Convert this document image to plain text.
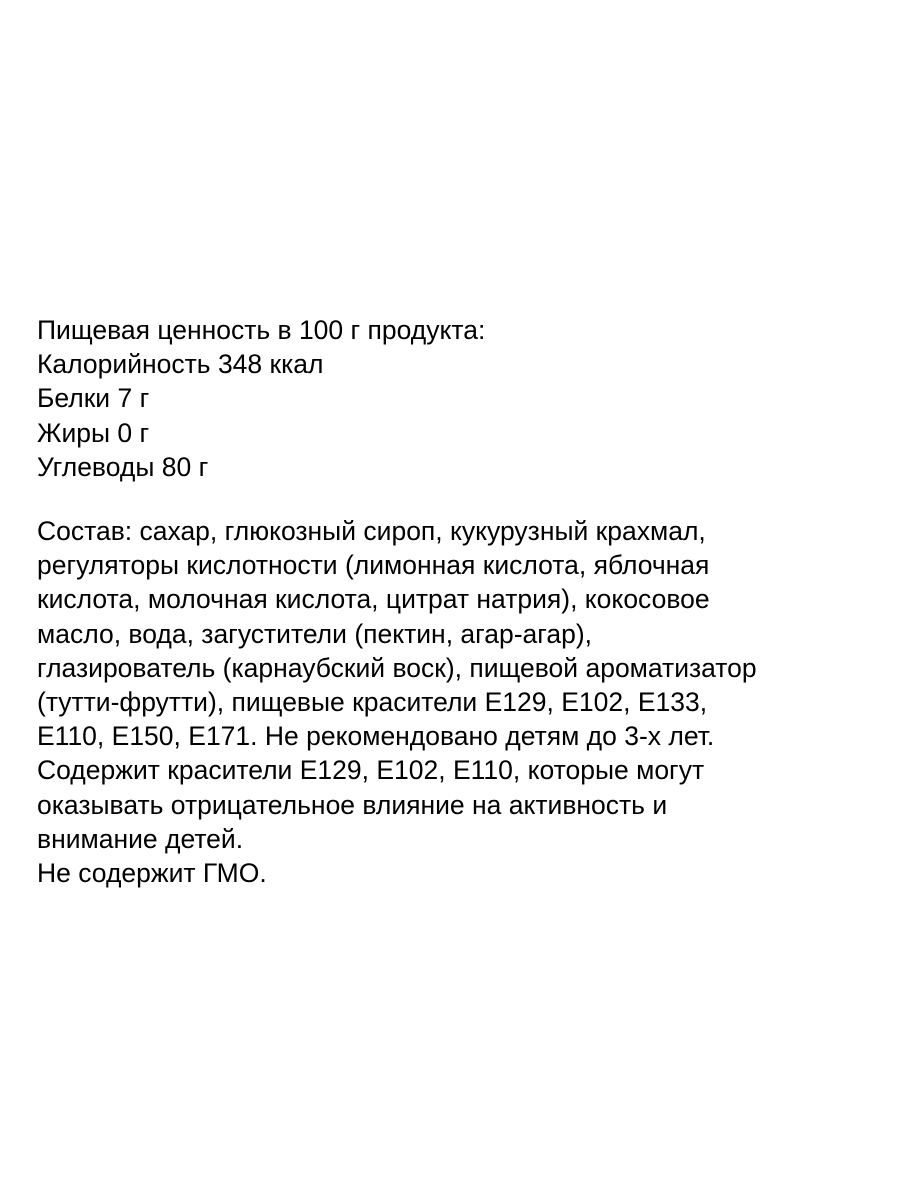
Пищевая ценность в 100 г продукта:
Калорийность 348 ккал
Белки 7 г
Жиры 0 г
Углеводы 80 г
Состав: сахар, глюкозный сироп, кукурузный крахмал,
регуляторы кислотности (лимонная кислота, яблочная
кислота, молочная кислота, цитрат натрия), кокосовое
масло, вода, загустители (пектин, агар-агар),
глазирователь (карнаубский воск), пищевой ароматизатор
(тутти-фрутти), пищевые красители E129, E102, E133,
E110, E150, E171. Не рекомендовано детям до 3-х лет.
Содержит красители E129, E102, E110, которые могут
оказывать отрицательное влияние на активность и
внимание детей.
Не содержит ГМО.
